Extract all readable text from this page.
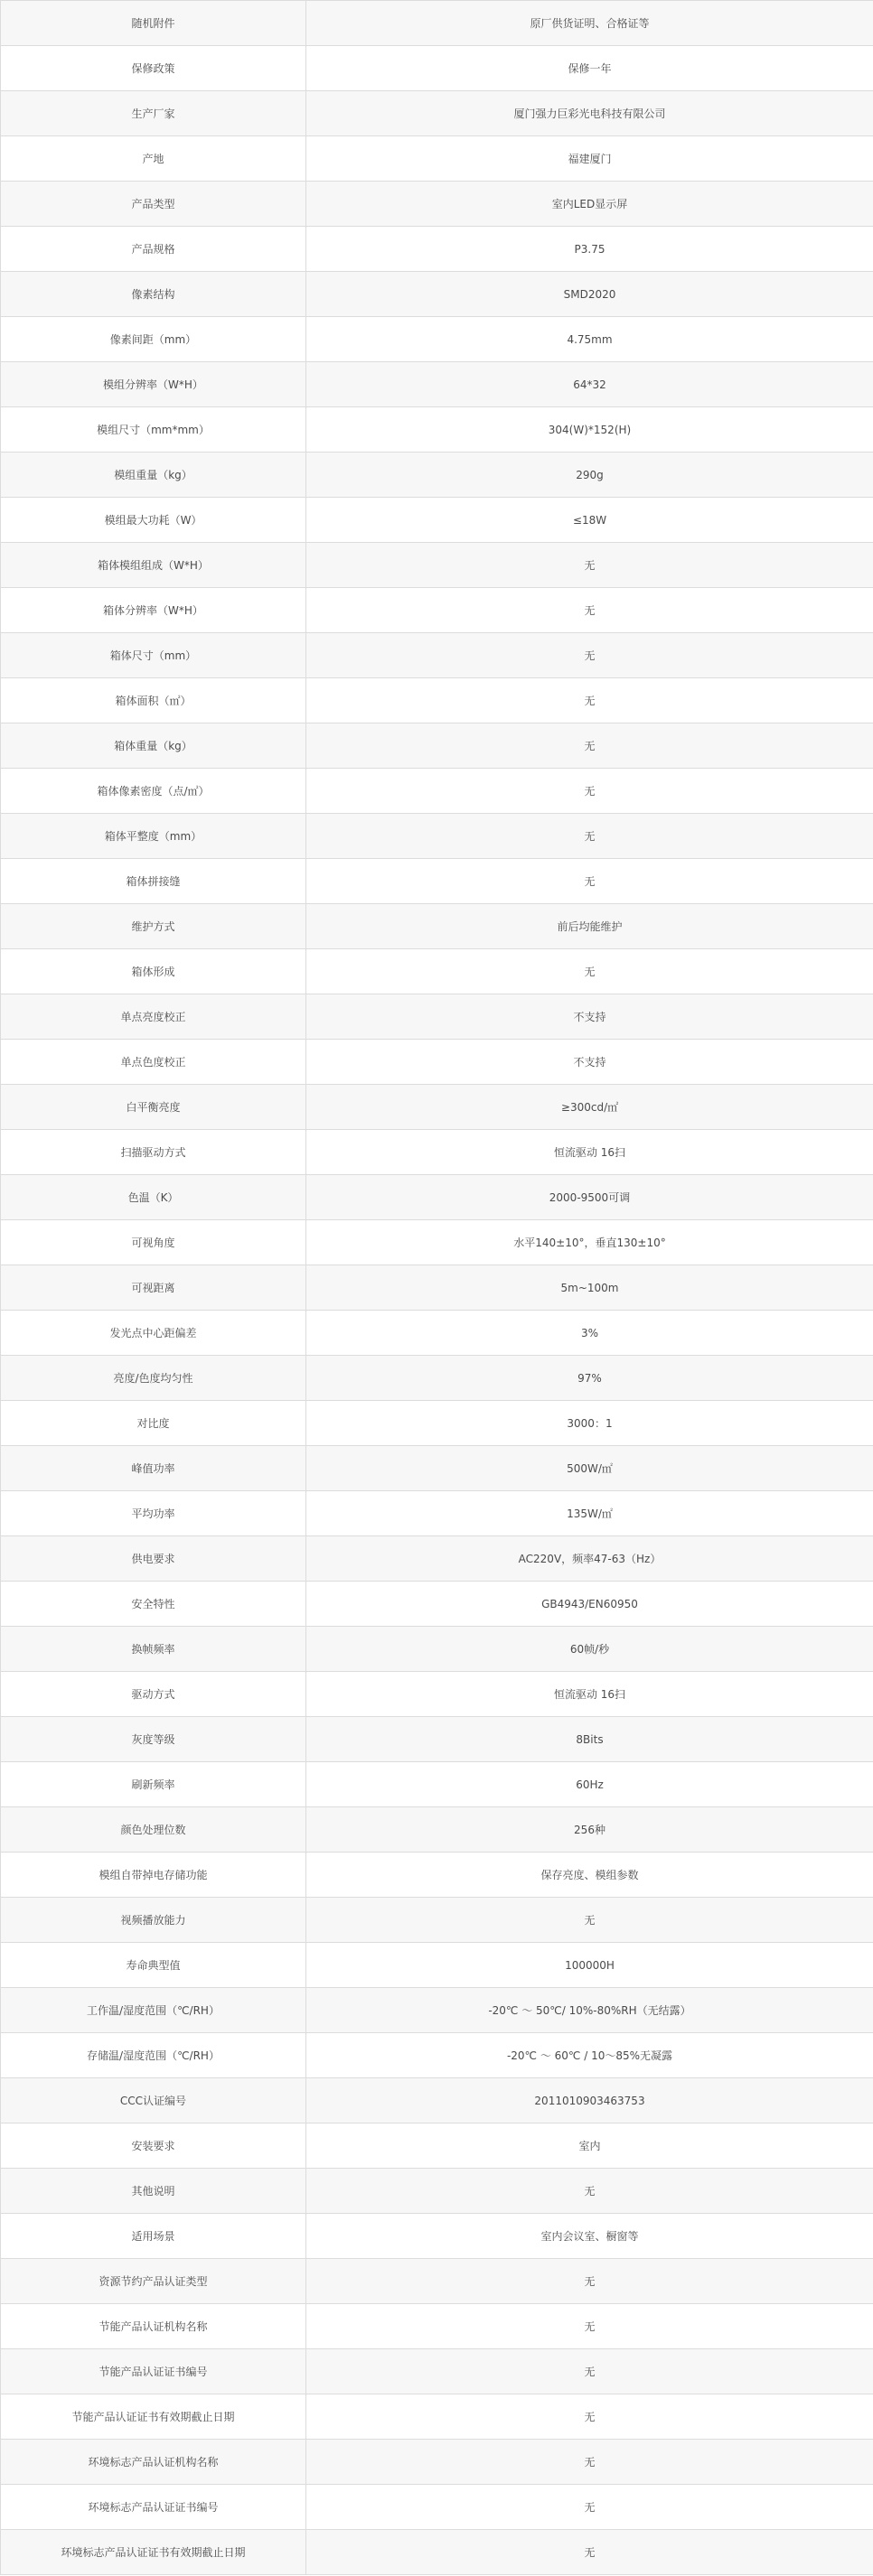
随机附件	原厂供货证明、合格证等
保修政策	保修一年
生产厂家	厦门强力巨彩光电科技有限公司
产地	福建厦门
产品类型	室内LED显示屏
产品规格	P3.75
像素结构	SMD2020
像素间距（mm）	4.75mm
模组分辨率（W*H）	64*32
模组尺寸（mm*mm）	304(W)*152(H)
模组重量（kg）	290g
模组最大功耗（W）	≤18W
箱体模组组成（W*H）	无
箱体分辨率（W*H）	无
箱体尺寸（mm）	无
箱体面积（㎡）	无
箱体重量（kg）	无
箱体像素密度（点/㎡）	无
箱体平整度（mm）	无
箱体拼接缝	无
维护方式	前后均能维护
箱体形成	无
单点亮度校正	不支持
单点色度校正	不支持
白平衡亮度	≥300cd/㎡
扫描驱动方式	恒流驱动 16扫
色温（K）	2000-9500可调
可视角度	水平140±10°，垂直130±10°
可视距离	5m~100m
发光点中心距偏差	3%
亮度/色度均匀性	97%
对比度	3000：1
峰值功率	500W/㎡
平均功率	135W/㎡
供电要求	AC220V，频率47-63（Hz）
安全特性	GB4943/EN60950
换帧频率	60帧/秒
驱动方式	恒流驱动 16扫
灰度等级	8Bits
刷新频率	60Hz
颜色处理位数	256种
模组自带掉电存储功能	保存亮度、模组参数
视频播放能力	无
寿命典型值	100000H
工作温/湿度范围（℃/RH）	-20℃ ～ 50℃/ 10%-80%RH（无结露）
存储温/湿度范围（℃/RH）	-20℃ ～ 60℃ / 10～85%无凝露
CCC认证编号	2011010903463753
安装要求	室内
其他说明	无
适用场景	室内会议室、橱窗等
资源节约产品认证类型	无
节能产品认证机构名称	无
节能产品认证证书编号	无
节能产品认证证书有效期截止日期	无
环境标志产品认证机构名称	无
环境标志产品认证证书编号	无
环境标志产品认证证书有效期截止日期	无
